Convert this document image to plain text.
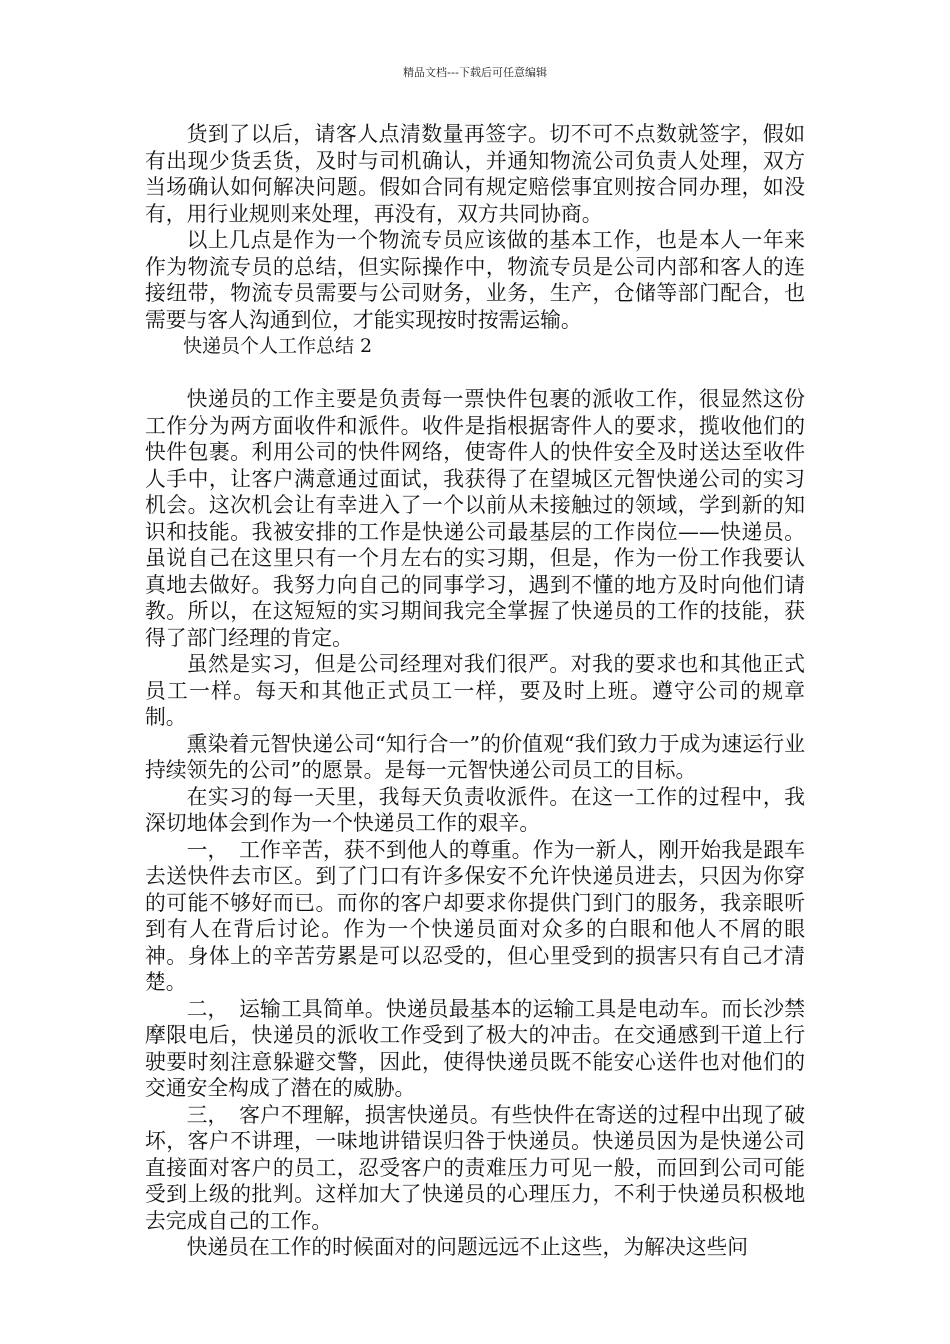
精品文档---下载后可任意编辑

货到了以后，请客人点清数量再签字。切不可不点数就签字，假如有出现少货丢货，及时与司机确认，并通知物流公司负责人处理，双方当场确认如何解决问题。假如合同有规定赔偿事宜则按合同办理，如没有，用行业规则来处理，再没有，双方共同协商。

以上几点是作为一个物流专员应该做的基本工作，也是本人一年来作为物流专员的总结，但实际操作中，物流专员是公司内部和客人的连接纽带，物流专员需要与公司财务，业务，生产，仓储等部门配合，也需要与客人沟通到位，才能实现按时按需运输。

快递员个人工作总结 2

快递员的工作主要是负责每一票快件包裹的派收工作，很显然这份工作分为两方面收件和派件。收件是指根据寄件人的要求，揽收他们的快件包裹。利用公司的快件网络，使寄件人的快件安全及时送达至收件人手中，让客户满意通过面试，我获得了在望城区元智快递公司的实习机会。这次机会让有幸进入了一个以前从未接触过的领域，学到新的知识和技能。我被安排的工作是快递公司最基层的工作岗位——快递员。虽说自己在这里只有一个月左右的实习期，但是，作为一份工作我要认真地去做好。我努力向自己的同事学习，遇到不懂的地方及时向他们请教。所以，在这短短的实习期间我完全掌握了快递员的工作的技能，获得了部门经理的肯定。

虽然是实习，但是公司经理对我们很严。对我的要求也和其他正式员工一样。每天和其他正式员工一样，要及时上班。遵守公司的规章制。

熏染着元智快递公司“知行合一”的价值观“我们致力于成为速运行业持续领先的公司”的愿景。是每一元智快递公司员工的目标。

在实习的每一天里，我每天负责收派件。在这一工作的过程中，我深切地体会到作为一个快递员工作的艰辛。

一，　工作辛苦，获不到他人的尊重。作为一新人，刚开始我是跟车去送快件去市区。到了门口有许多保安不允许快递员进去，只因为你穿的可能不够好而已。而你的客户却要求你提供门到门的服务，我亲眼听到有人在背后讨论。作为一个快递员面对众多的白眼和他人不屑的眼神。身体上的辛苦劳累是可以忍受的，但心里受到的损害只有自己才清楚。

二，　运输工具简单。快递员最基本的运输工具是电动车。而长沙禁摩限电后，快递员的派收工作受到了极大的冲击。在交通感到干道上行驶要时刻注意躲避交警，因此，使得快递员既不能安心送件也对他们的交通安全构成了潜在的威胁。

三，　客户不理解，损害快递员。有些快件在寄送的过程中出现了破坏，客户不讲理，一味地讲错误归咎于快递员。快递员因为是快递公司直接面对客户的员工，忍受客户的责难压力可见一般，而回到公司可能受到上级的批判。这样加大了快递员的心理压力，不利于快递员积极地去完成自己的工作。

快递员在工作的时候面对的问题远远不止这些，为解决这些问
